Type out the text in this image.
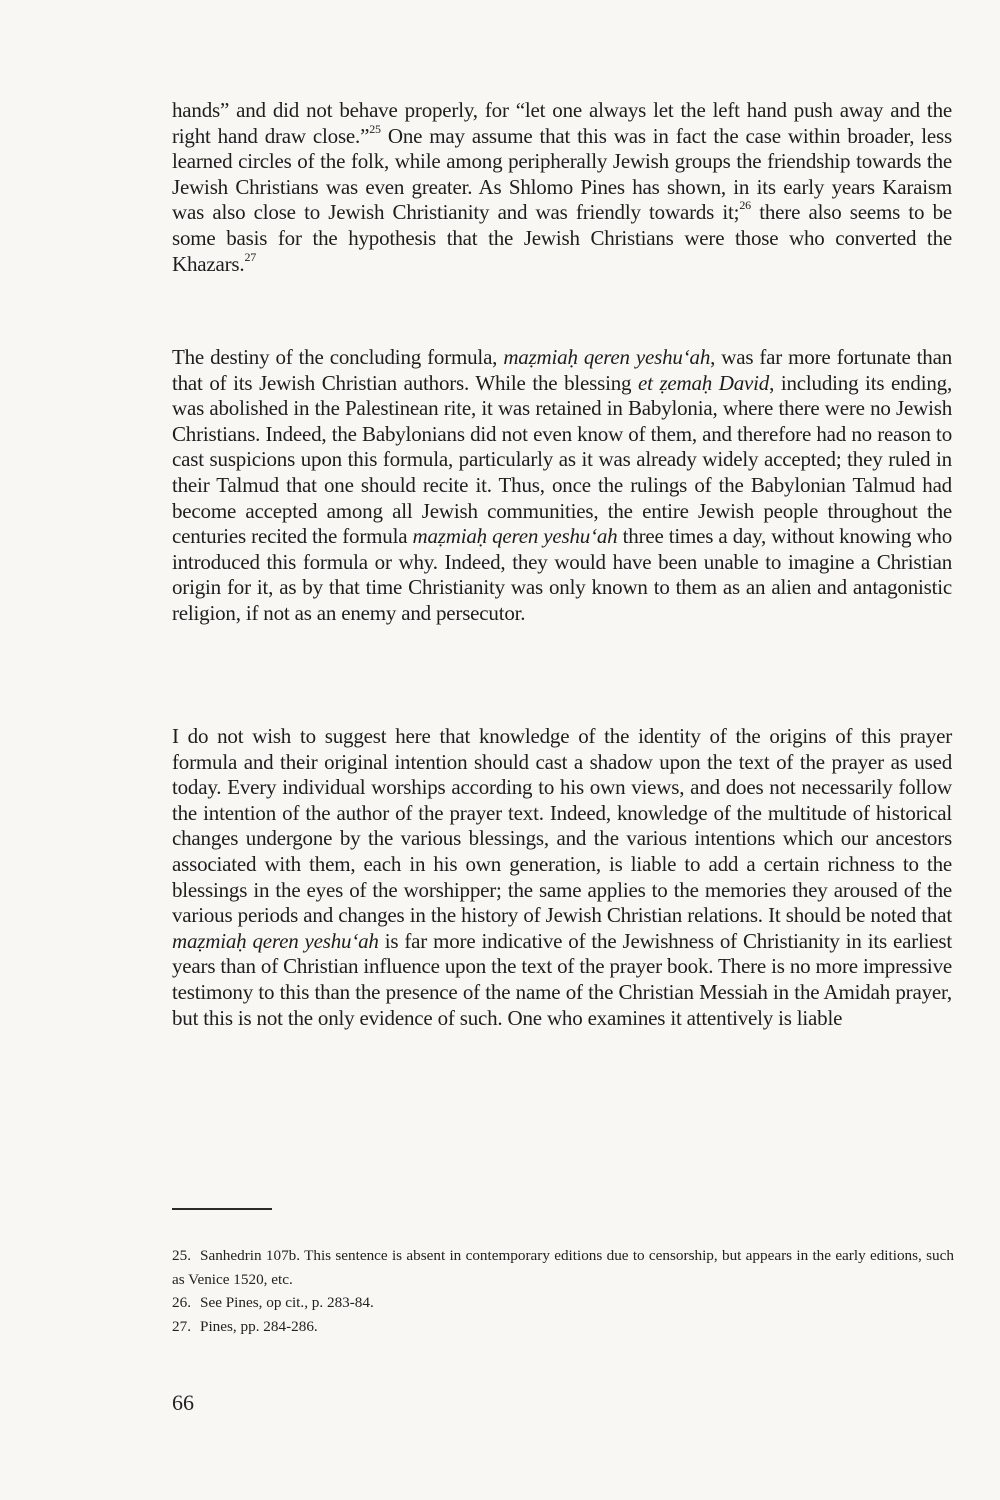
hands” and did not behave properly, for “let one always let the left hand push away and the right hand draw close.”$^{25}$ One may assume that this was in fact the case within broader, less learned circles of the folk, while among peripherally Jewish groups the friendship towards the Jewish Christians was even greater. As Shlomo Pines has shown, in its early years Karaism was also close to Jewish Christianity and was friendly towards it;$^{26}$ there also seems to be some basis for the hypothesis that the Jewish Christians were those who converted the Khazars.$^{27}$

The destiny of the concluding formula, maẓmiaḥ qeren yeshuʻah, was far more fortunate than that of its Jewish Christian authors. While the blessing et ẓemaḥ David, including its ending, was abolished in the Palestinean rite, it was retained in Babylonia, where there were no Jewish Christians. Indeed, the Babylonians did not even know of them, and therefore had no reason to cast suspicions upon this formula, particularly as it was already widely accepted; they ruled in their Talmud that one should recite it. Thus, once the rulings of the Babylonian Talmud had become accepted among all Jewish communities, the entire Jewish people throughout the centuries recited the formula maẓmiaḥ qeren yeshuʻah three times a day, without knowing who introduced this formula or why. Indeed, they would have been unable to imagine a Christian origin for it, as by that time Christianity was only known to them as an alien and antagonistic religion, if not as an enemy and persecutor.

I do not wish to suggest here that knowledge of the identity of the origins of this prayer formula and their original intention should cast a shadow upon the text of the prayer as used today. Every individual worships according to his own views, and does not necessarily follow the intention of the author of the prayer text. Indeed, knowledge of the multitude of historical changes undergone by the various blessings, and the various intentions which our ancestors associated with them, each in his own generation, is liable to add a certain richness to the blessings in the eyes of the worshipper; the same applies to the memories they aroused of the various periods and changes in the history of Jewish Christian relations. It should be noted that maẓmiaḥ qeren yeshuʻah is far more indicative of the Jewishness of Christianity in its earliest years than of Christian influence upon the text of the prayer book. There is no more impressive testimony to this than the presence of the name of the Christian Messiah in the Amidah prayer, but this is not the only evidence of such. One who examines it attentively is liable

25. Sanhedrin 107b. This sentence is absent in contemporary editions due to censorship, but appears in the early editions, such as Venice 1520, etc.

26. See Pines, op cit., p. 283-84.

27. Pines, pp. 284-286.

66
